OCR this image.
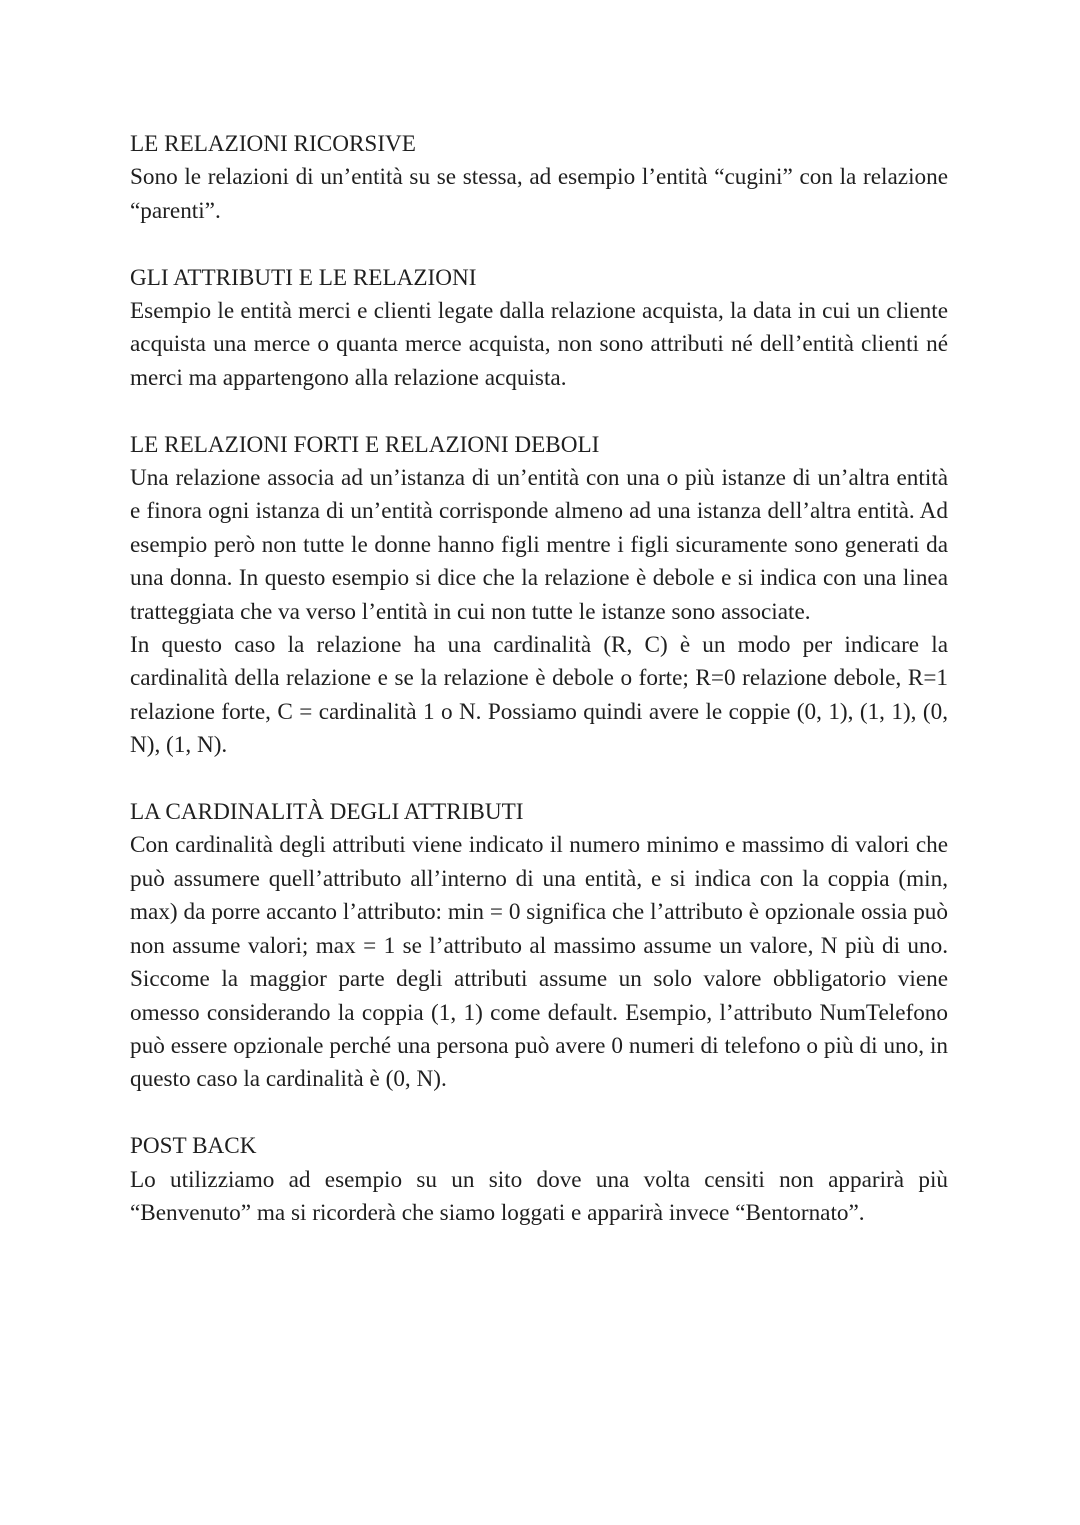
LE RELAZIONI RICORSIVE

Sono le relazioni di un’entità su se stessa, ad esempio l’entità “cugini” con la relazione “parenti”.

GLI ATTRIBUTI E LE RELAZIONI

Esempio le entità merci e clienti legate dalla relazione acquista, la data in cui un cliente acquista una merce o quanta merce acquista, non sono attributi né dell’entità clienti né merci ma appartengono alla relazione acquista.

LE RELAZIONI FORTI E RELAZIONI DEBOLI

Una relazione associa ad un’istanza di un’entità con una o più istanze di un’altra entità e finora ogni istanza di un’entità corrisponde almeno ad una istanza dell’altra entità. Ad esempio però non tutte le donne hanno figli mentre i figli sicuramente sono generati da una donna. In questo esempio si dice che la relazione è debole e si indica con una linea tratteggiata che va verso l’entità in cui non tutte le istanze sono associate.

In questo caso la relazione ha una cardinalità (R, C) è un modo per indicare la cardinalità della relazione e se la relazione è debole o forte; R=0 relazione debole, R=1 relazione forte, C = cardinalità 1 o N. Possiamo quindi avere le coppie (0, 1), (1, 1), (0, N), (1, N).

LA CARDINALITÀ DEGLI ATTRIBUTI

Con cardinalità degli attributi viene indicato il numero minimo e massimo di valori che può assumere quell’attributo all’interno di una entità, e si indica con la coppia (min, max) da porre accanto l’attributo: min = 0 significa che l’attributo è opzionale ossia può non assume valori; max = 1 se l’attributo al massimo assume un valore, N più di uno. Siccome la maggior parte degli attributi assume un solo valore obbligatorio viene omesso considerando la coppia (1, 1) come default. Esempio, l’attributo NumTelefono può essere opzionale perché una persona può avere 0 numeri di telefono o più di uno, in questo caso la cardinalità è (0, N).

POST BACK

Lo utilizziamo ad esempio su un sito dove una volta censiti non apparirà più “Benvenuto” ma si ricorderà che siamo loggati e apparirà invece “Bentornato”.
